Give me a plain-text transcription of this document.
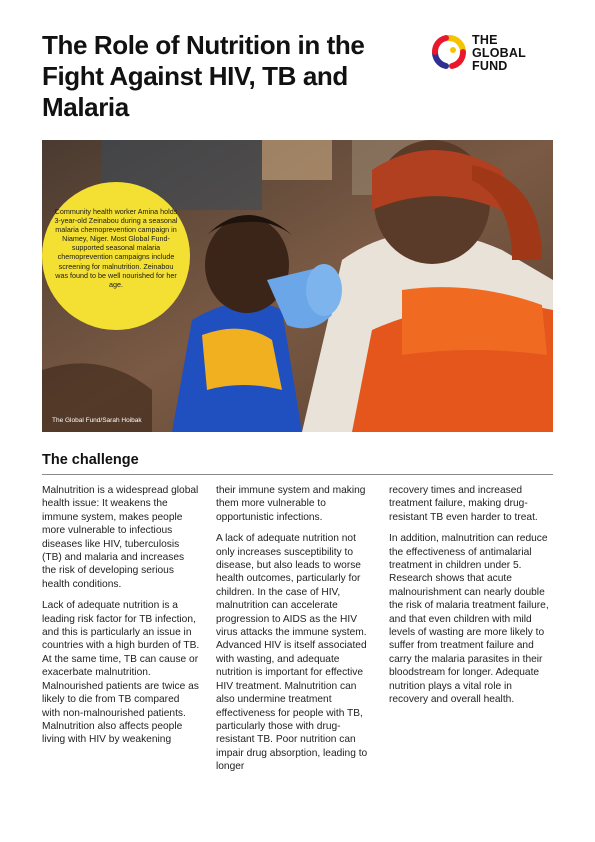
The Role of Nutrition in the Fight Against HIV, TB and Malaria
THE
GLOBAL
FUND

Community health worker Amina holds 3-year-old Zeinabou during a seasonal malaria chemoprevention campaign in Niamey, Niger. Most Global Fund-supported seasonal malaria chemoprevention campaigns include screening for malnutrition. Zeinabou was found to be well nourished for her age.

The Global Fund/Sarah Hoibak
The challenge

Malnutrition is a widespread global health issue: It weakens the immune system, makes people more vulnerable to infectious diseases like HIV, tuberculosis (TB) and malaria and increases the risk of developing serious health conditions.

Lack of adequate nutrition is a leading risk factor for TB infection, and this is particularly an issue in countries with a high burden of TB. At the same time, TB can cause or exacerbate malnutrition. Malnourished patients are twice as likely to die from TB compared with non-malnourished patients. Malnutrition also affects people living with HIV by weakening

their immune system and making them more vulnerable to opportunistic infections.

A lack of adequate nutrition not only increases susceptibility to disease, but also leads to worse health outcomes, particularly for children. In the case of HIV, malnutrition can accelerate progression to AIDS as the HIV virus attacks the immune system. Advanced HIV is itself associated with wasting, and adequate nutrition is important for effective HIV treatment. Malnutrition can also undermine treatment effectiveness for people with TB, particularly those with drug-resistant TB. Poor nutrition can impair drug absorption, leading to longer

recovery times and increased treatment failure, making drug-resistant TB even harder to treat.

In addition, malnutrition can reduce the effectiveness of antimalarial treatment in children under 5.

Research shows that acute malnourishment can nearly double the risk of malaria treatment failure, and that even children with mild levels of wasting are more likely to suffer from treatment failure and carry the malaria parasites in their bloodstream for longer. Adequate nutrition plays a vital role in recovery and overall health.
